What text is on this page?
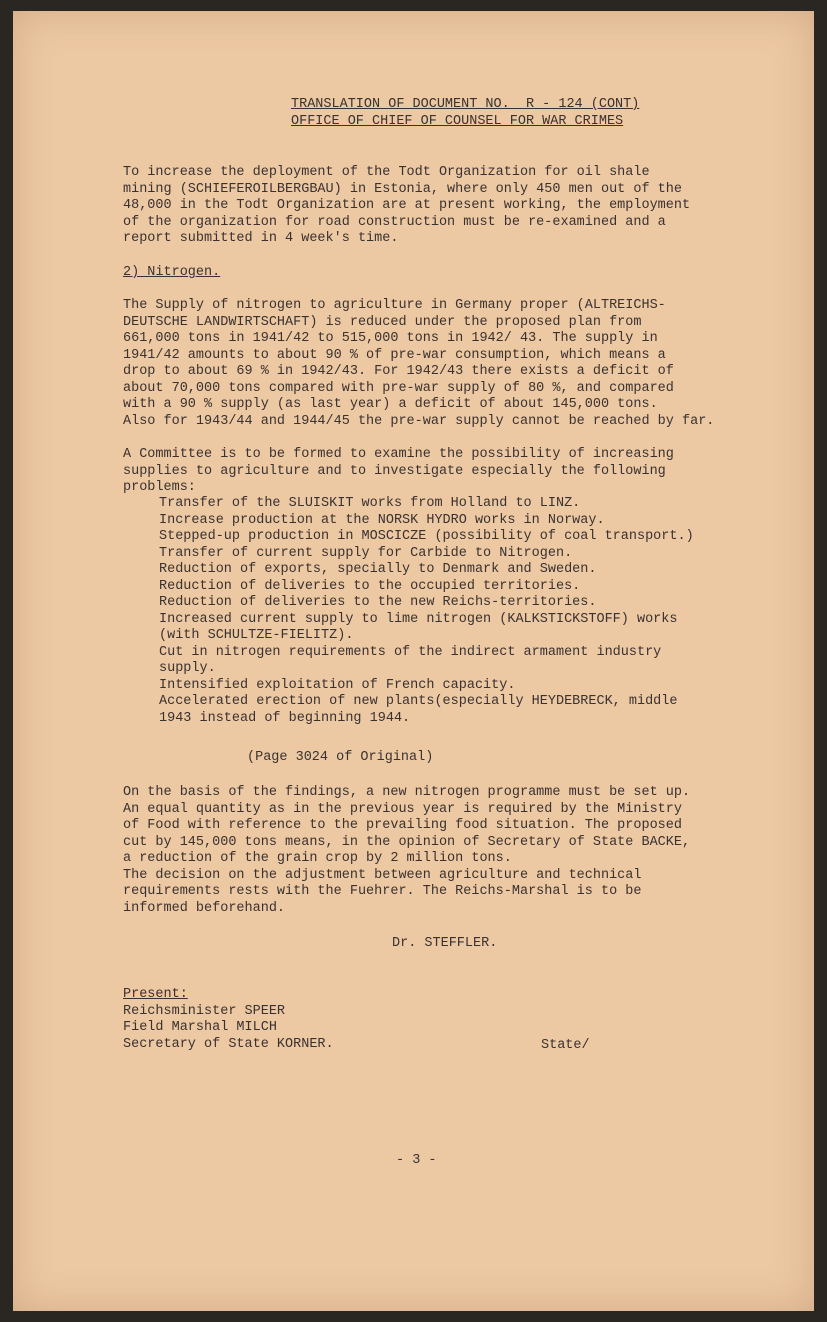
TRANSLATION OF DOCUMENT NO.  R - 124 (CONT)
OFFICE OF CHIEF OF COUNSEL FOR WAR CRIMES

To increase the deployment of the Todt Organization for oil shale
mining (SCHIEFEROILBERGBAU) in Estonia, where only 450 men out of the
48,000 in the Todt Organization are at present working, the employment
of the organization for road construction must be re-examined and a
report submitted in 4 week's time.

2) Nitrogen.

The Supply of nitrogen to agriculture in Germany proper (ALTREICHS-
DEUTSCHE LANDWIRTSCHAFT) is reduced under the proposed plan from
661,000 tons in 1941/42 to 515,000 tons in 1942/ 43. The supply in
1941/42 amounts to about 90 % of pre-war consumption, which means a
drop to about 69 % in 1942/43. For 1942/43 there exists a deficit of
about 70,000 tons compared with pre-war supply of 80 %, and compared
with a 90 % supply (as last year) a deficit of about 145,000 tons.
Also for 1943/44 and 1944/45 the pre-war supply cannot be reached by far.

A Committee is to be formed to examine the possibility of increasing
supplies to agriculture and to investigate especially the following
problems:

Transfer of the SLUISKIT works from Holland to LINZ.
Increase production at the NORSK HYDRO works in Norway.
Stepped-up production in MOSCICZE (possibility of coal transport.)
Transfer of current supply for Carbide to Nitrogen.
Reduction of exports, specially to Denmark and Sweden.
Reduction of deliveries to the occupied territories.
Reduction of deliveries to the new Reichs-territories.
Increased current supply to lime nitrogen (KALKSTICKSTOFF) works
(with SCHULTZE-FIELITZ).
Cut in nitrogen requirements of the indirect armament industry
supply.
Intensified exploitation of French capacity.
Accelerated erection of new plants(especially HEYDEBRECK, middle
1943 instead of beginning 1944.
(Page 3024 of Original)

On the basis of the findings, a new nitrogen programme must be set up.
An equal quantity as in the previous year is required by the Ministry
of Food with reference to the prevailing food situation. The proposed
cut by 145,000 tons means, in the opinion of Secretary of State BACKE,
a reduction of the grain crop by 2 million tons.
The decision on the adjustment between agriculture and technical
requirements rests with the Fuehrer. The Reichs-Marshal is to be
informed beforehand.

Dr. STEFFLER.
Present:
Reichsminister SPEER
Field Marshal MILCH
Secretary of State KORNER.	State/
- 3 -
